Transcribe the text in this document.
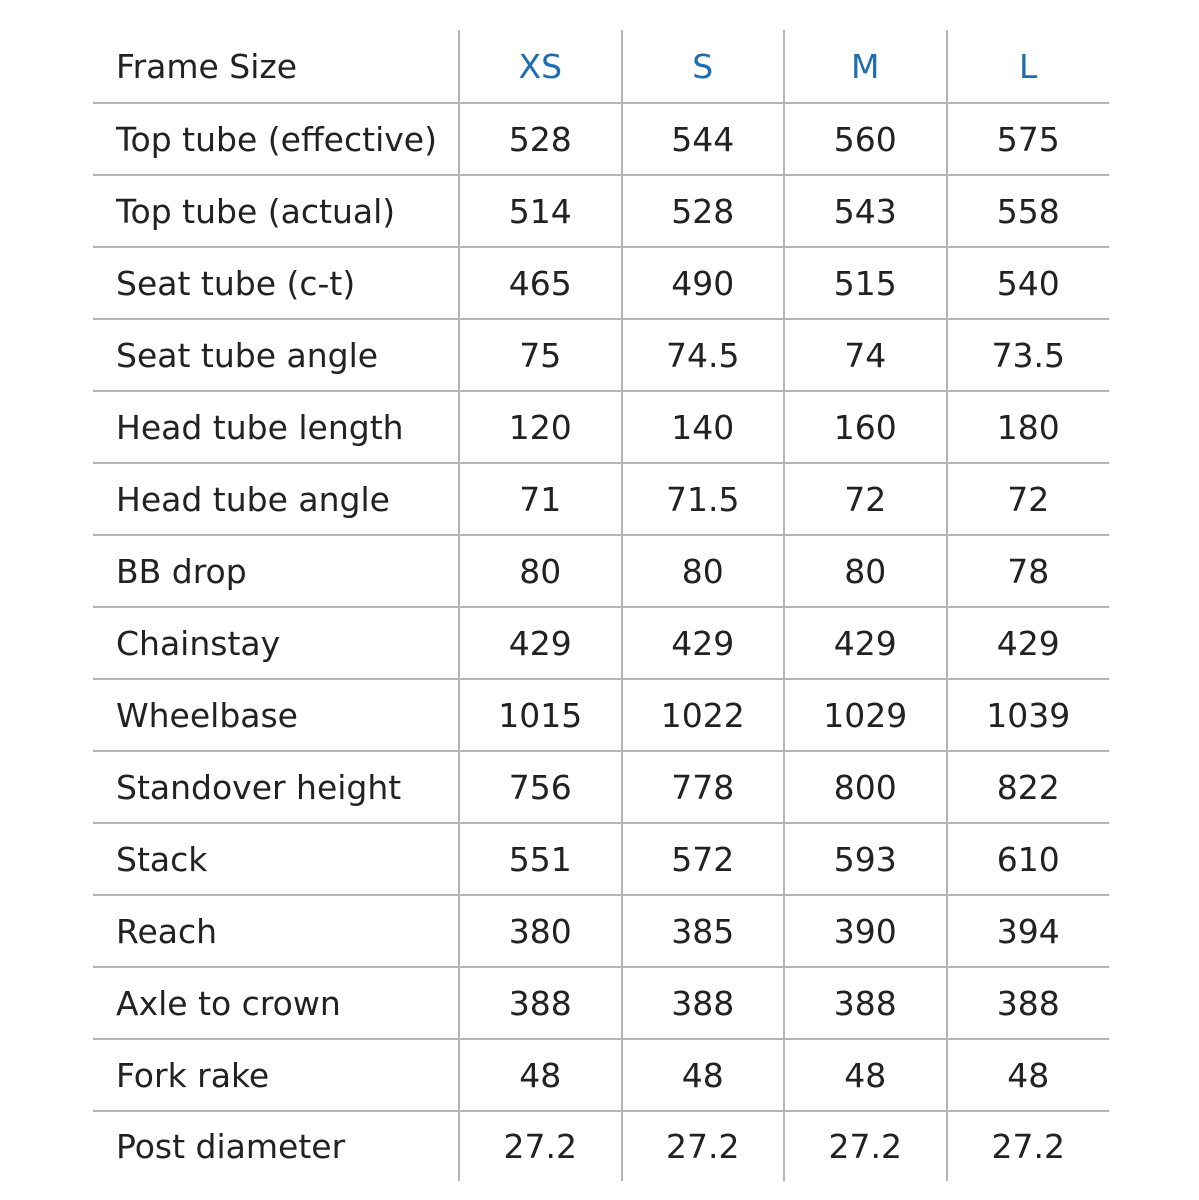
Frame Size	XS	S	M	L
Top tube (effective)	528	544	560	575
Top tube (actual)	514	528	543	558
Seat tube (c-t)	465	490	515	540
Seat tube angle	75	74.5	74	73.5
Head tube length	120	140	160	180
Head tube angle	71	71.5	72	72
BB drop	80	80	80	78
Chainstay	429	429	429	429
Wheelbase	1015	1022	1029	1039
Standover height	756	778	800	822
Stack	551	572	593	610
Reach	380	385	390	394
Axle to crown	388	388	388	388
Fork rake	48	48	48	48
Post diameter	27.2	27.2	27.2	27.2
